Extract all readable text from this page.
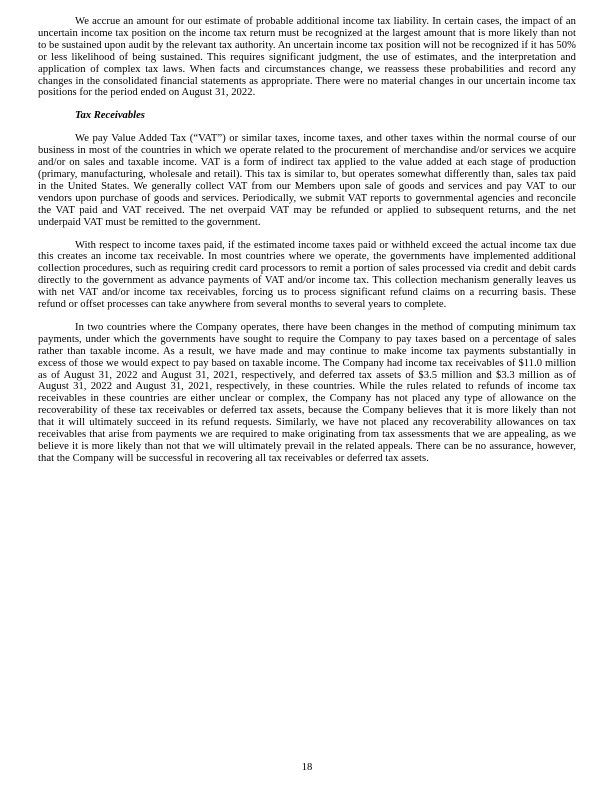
We accrue an amount for our estimate of probable additional income tax liability. In certain cases, the impact of an uncertain income tax position on the income tax return must be recognized at the largest amount that is more likely than not to be sustained upon audit by the relevant tax authority. An uncertain income tax position will not be recognized if it has 50% or less likelihood of being sustained. This requires significant judgment, the use of estimates, and the interpretation and application of complex tax laws. When facts and circumstances change, we reassess these probabilities and record any changes in the consolidated financial statements as appropriate. There were no material changes in our uncertain income tax positions for the period ended on August 31, 2022.

Tax Receivables

We pay Value Added Tax (“VAT”) or similar taxes, income taxes, and other taxes within the normal course of our business in most of the countries in which we operate related to the procurement of merchandise and/or services we acquire and/or on sales and taxable income. VAT is a form of indirect tax applied to the value added at each stage of production (primary, manufacturing, wholesale and retail). This tax is similar to, but operates somewhat differently than, sales tax paid in the United States. We generally collect VAT from our Members upon sale of goods and services and pay VAT to our vendors upon purchase of goods and services. Periodically, we submit VAT reports to governmental agencies and reconcile the VAT paid and VAT received. The net overpaid VAT may be refunded or applied to subsequent returns, and the net underpaid VAT must be remitted to the government.

With respect to income taxes paid, if the estimated income taxes paid or withheld exceed the actual income tax due this creates an income tax receivable. In most countries where we operate, the governments have implemented additional collection procedures, such as requiring credit card processors to remit a portion of sales processed via credit and debit cards directly to the government as advance payments of VAT and/or income tax. This collection mechanism generally leaves us with net VAT and/or income tax receivables, forcing us to process significant refund claims on a recurring basis. These refund or offset processes can take anywhere from several months to several years to complete.

In two countries where the Company operates, there have been changes in the method of computing minimum tax payments, under which the governments have sought to require the Company to pay taxes based on a percentage of sales rather than taxable income. As a result, we have made and may continue to make income tax payments substantially in excess of those we would expect to pay based on taxable income. The Company had income tax receivables of $11.0 million as of August 31, 2022 and August 31, 2021, respectively, and deferred tax assets of $3.5 million and $3.3 million as of August 31, 2022 and August 31, 2021, respectively, in these countries. While the rules related to refunds of income tax receivables in these countries are either unclear or complex, the Company has not placed any type of allowance on the recoverability of these tax receivables or deferred tax assets, because the Company believes that it is more likely than not that it will ultimately succeed in its refund requests. Similarly, we have not placed any recoverability allowances on tax receivables that arise from payments we are required to make originating from tax assessments that we are appealing, as we believe it is more likely than not that we will ultimately prevail in the related appeals. There can be no assurance, however, that the Company will be successful in recovering all tax receivables or deferred tax assets.

18
